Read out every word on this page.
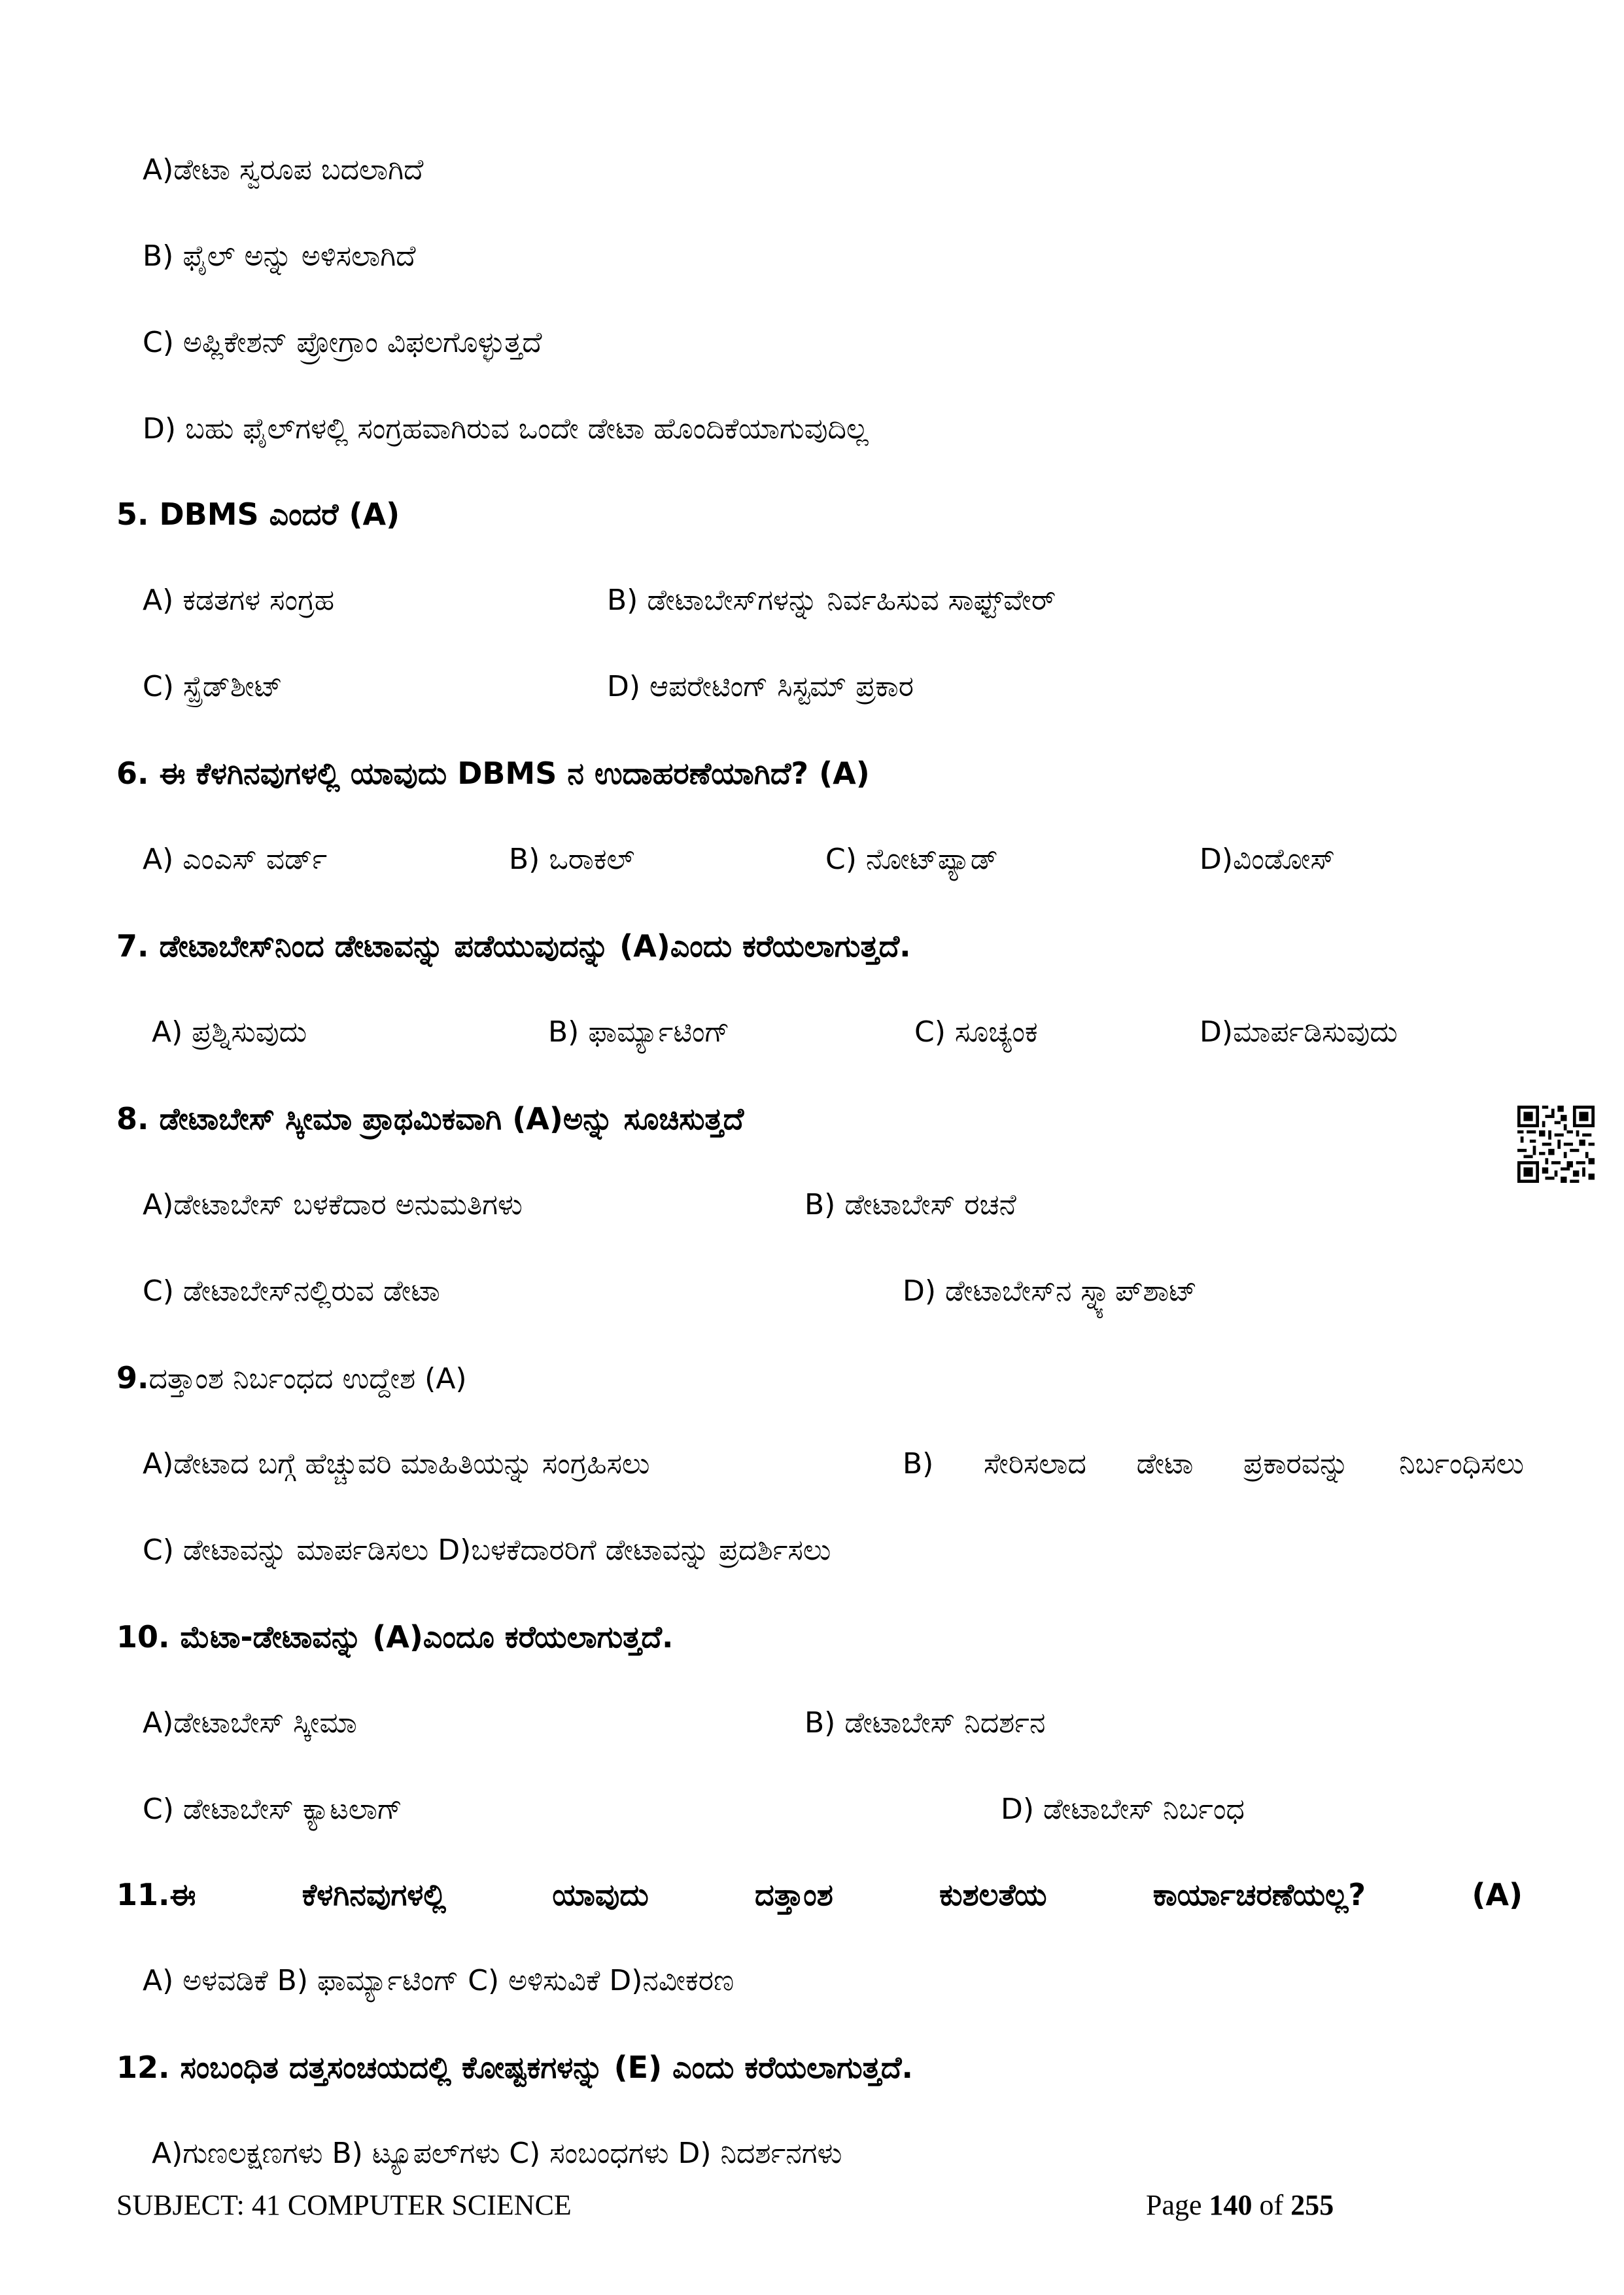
A)ಡೇಟಾ ಸ್ವರೂಪ ಬದಲಾಗಿದೆ
B) ಫೈಲ್ ಅನ್ನು ಅಳಿಸಲಾಗಿದೆ
C) ಅಪ್ಲಿಕೇಶನ್ ಪ್ರೋಗ್ರಾಂ ವಿಫಲಗೊಳ್ಳುತ್ತದೆ
D) ಬಹು ಫೈಲ್‌ಗಳಲ್ಲಿ ಸಂಗ್ರಹವಾಗಿರುವ ಒಂದೇ ಡೇಟಾ ಹೊಂದಿಕೆಯಾಗುವುದಿಲ್ಲ
5. DBMS ಎಂದರೆ (A)
A) ಕಡತಗಳ ಸಂಗ್ರಹ	B) ಡೇಟಾಬೇಸ್‌ಗಳನ್ನು ನಿರ್ವಹಿಸುವ ಸಾಫ್ಟ್‌ವೇರ್
C) ಸ್ಪ್ರೆಡ್‌ಶೀಟ್	D) ಆಪರೇಟಿಂಗ್ ಸಿಸ್ಟಮ್ ಪ್ರಕಾರ
6. ಈ ಕೆಳಗಿನವುಗಳಲ್ಲಿ ಯಾವುದು DBMS ನ ಉದಾಹರಣೆಯಾಗಿದೆ? (A)
A) ಎಂಎಸ್ ವರ್ಡ್	B) ಒರಾಕಲ್	C) ನೋಟ್‌ಪ್ಯಾಡ್	D)ವಿಂಡೋಸ್
7. ಡೇಟಾಬೇಸ್‌ನಿಂದ ಡೇಟಾವನ್ನು ಪಡೆಯುವುದನ್ನು (A)ಎಂದು ಕರೆಯಲಾಗುತ್ತದೆ.
A) ಪ್ರಶ್ನಿಸುವುದು	B) ಫಾರ್ಮ್ಯಾಟಿಂಗ್	C) ಸೂಚ್ಯಂಕ	D)ಮಾರ್ಪಡಿಸುವುದು
8. ಡೇಟಾಬೇಸ್ ಸ್ಕೀಮಾ ಪ್ರಾಥಮಿಕವಾಗಿ (A)ಅನ್ನು ಸೂಚಿಸುತ್ತದೆ
A)ಡೇಟಾಬೇಸ್ ಬಳಕೆದಾರ ಅನುಮತಿಗಳು	B) ಡೇಟಾಬೇಸ್ ರಚನೆ
C) ಡೇಟಾಬೇಸ್‌ನಲ್ಲಿರುವ ಡೇಟಾ	D) ಡೇಟಾಬೇಸ್‌ನ ಸ್ನ್ಯಾಪ್‌ಶಾಟ್
9.ದತ್ತಾಂಶ ನಿರ್ಬಂಧದ ಉದ್ದೇಶ (A)
A)ಡೇಟಾದ ಬಗ್ಗೆ ಹೆಚ್ಚುವರಿ ಮಾಹಿತಿಯನ್ನು ಸಂಗ್ರಹಿಸಲು	B) ಸೇರಿಸಲಾದ ಡೇಟಾ ಪ್ರಕಾರವನ್ನು ನಿರ್ಬಂಧಿಸಲು
C) ಡೇಟಾವನ್ನು ಮಾರ್ಪಡಿಸಲು D)ಬಳಕೆದಾರರಿಗೆ ಡೇಟಾವನ್ನು ಪ್ರದರ್ಶಿಸಲು
10. ಮೆಟಾ-ಡೇಟಾವನ್ನು (A)ಎಂದೂ ಕರೆಯಲಾಗುತ್ತದೆ.
A)ಡೇಟಾಬೇಸ್ ಸ್ಕೀಮಾ	B) ಡೇಟಾಬೇಸ್ ನಿದರ್ಶನ
C) ಡೇಟಾಬೇಸ್ ಕ್ಯಾಟಲಾಗ್	D) ಡೇಟಾಬೇಸ್ ನಿರ್ಬಂಧ
11.ಈ	ಕೆಳಗಿನವುಗಳಲ್ಲಿ	ಯಾವುದು	ದತ್ತಾಂಶ	ಕುಶಲತೆಯ	ಕಾರ್ಯಾಚರಣೆಯಲ್ಲ?	(A)
A) ಅಳವಡಿಕೆ B) ಫಾರ್ಮ್ಯಾಟಿಂಗ್ C) ಅಳಿಸುವಿಕೆ D)ನವೀಕರಣ
12. ಸಂಬಂಧಿತ ದತ್ತಸಂಚಯದಲ್ಲಿ ಕೋಷ್ಟಕಗಳನ್ನು (E) ಎಂದು ಕರೆಯಲಾಗುತ್ತದೆ.
A)ಗುಣಲಕ್ಷಣಗಳು B) ಟ್ಯೂಪಲ್‌ಗಳು C) ಸಂಬಂಧಗಳು D) ನಿದರ್ಶನಗಳು
SUBJECT: 41 COMPUTER SCIENCE	Page 140 of 255
